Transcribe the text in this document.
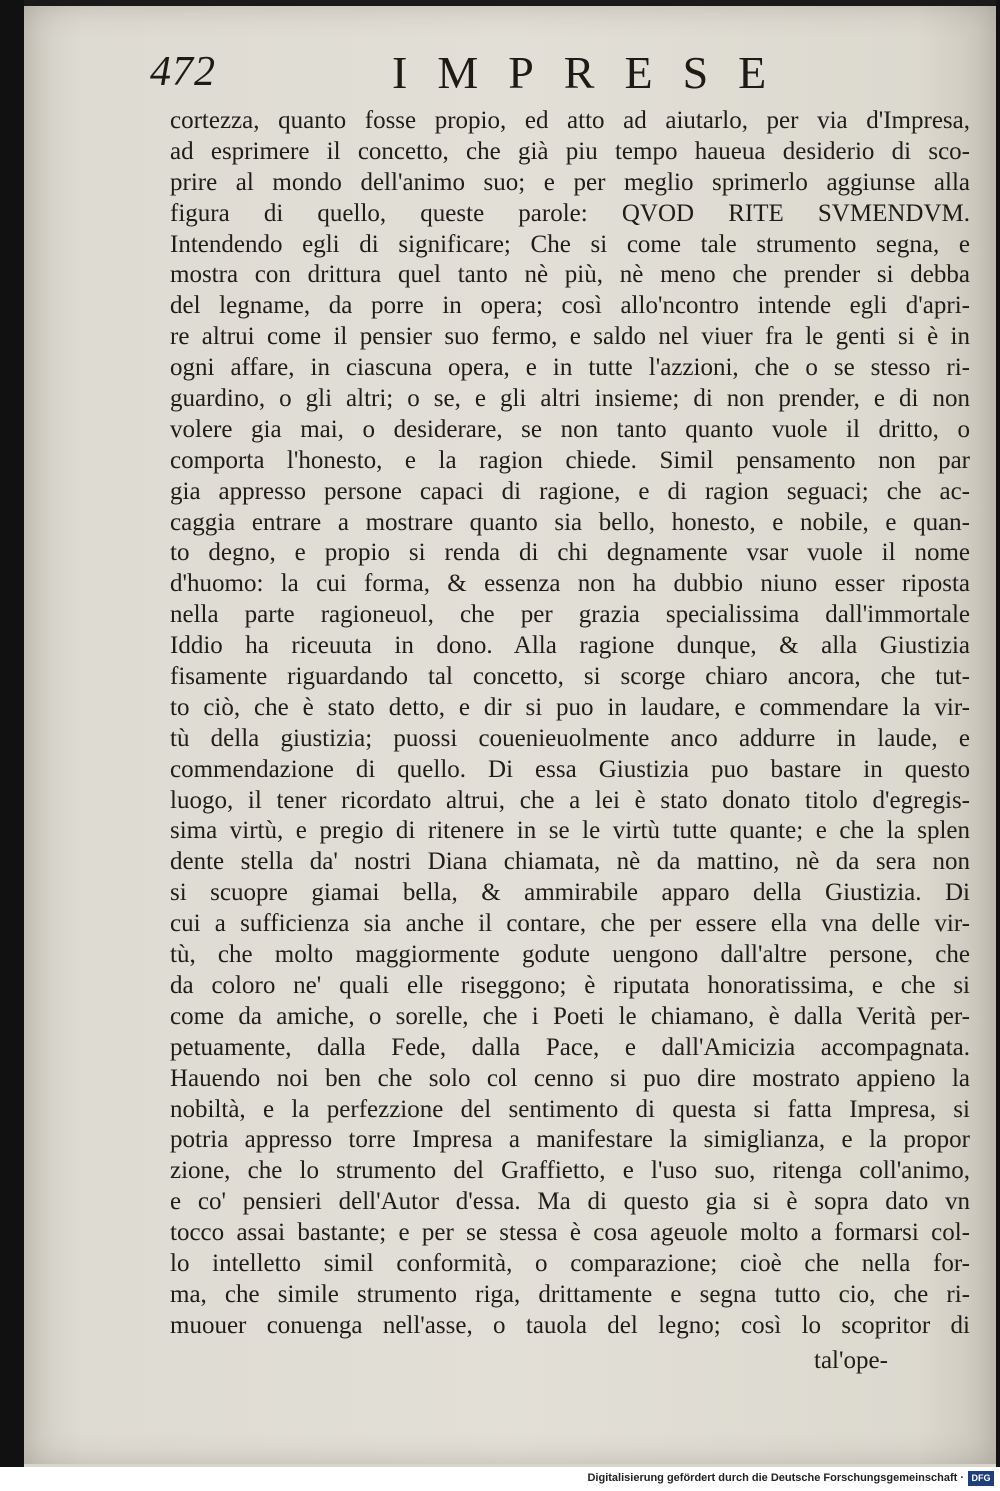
472	IMPRESE

cortezza, quanto fosse propio, ed atto ad aiutarlo, per via d'Impresa,
ad esprimere il concetto, che già piu tempo haueua desiderio di sco-
prire al mondo dell'animo suo; e per meglio sprimerlo aggiunse alla
figura di quello, queste parole: QVOD RITE SVMENDVM.
Intendendo egli di significare; Che si come tale strumento segna, e
mostra con drittura quel tanto nè più, nè meno che prender si debba
del legname, da porre in opera; così allo'ncontro intende egli d'apri-
re altrui come il pensier suo fermo, e saldo nel viuer fra le genti si è in
ogni affare, in ciascuna opera, e in tutte l'azzioni, che o se stesso ri-
guardino, o gli altri; o se, e gli altri insieme; di non prender, e di non
volere gia mai, o desiderare, se non tanto quanto vuole il dritto, o
comporta l'honesto, e la ragion chiede. Simil pensamento non par
gia appresso persone capaci di ragione, e di ragion seguaci; che ac-
caggia entrare a mostrare quanto sia bello, honesto, e nobile, e quan-
to degno, e propio si renda di chi degnamente vsar vuole il nome
d'huomo: la cui forma, & essenza non ha dubbio niuno esser riposta
nella parte ragioneuol, che per grazia specialissima dall'immortale
Iddio ha riceuuta in dono. Alla ragione dunque, & alla Giustizia
fisamente riguardando tal concetto, si scorge chiaro ancora, che tut-
to ciò, che è stato detto, e dir si puo in laudare, e commendare la vir-
tù della giustizia; puossi couenieuolmente anco addurre in laude, e
commendazione di quello. Di essa Giustizia puo bastare in questo
luogo, il tener ricordato altrui, che a lei è stato donato titolo d'egregis-
sima virtù, e pregio di ritenere in se le virtù tutte quante; e che la splen
dente stella da' nostri Diana chiamata, nè da mattino, nè da sera non
si scuopre giamai bella, & ammirabile apparo della Giustizia. Di
cui a sufficienza sia anche il contare, che per essere ella vna delle vir-
tù, che molto maggiormente godute uengono dall'altre persone, che
da coloro ne' quali elle riseggono; è riputata honoratissima, e che si
come da amiche, o sorelle, che i Poeti le chiamano, è dalla Verità per-
petuamente, dalla Fede, dalla Pace, e dall'Amicizia accompagnata.
Hauendo noi ben che solo col cenno si puo dire mostrato appieno la
nobiltà, e la perfezzione del sentimento di questa si fatta Impresa, si
potria appresso torre Impresa a manifestare la simiglianza, e la propor
zione, che lo strumento del Graffietto, e l'uso suo, ritenga coll'animo,
e co' pensieri dell'Autor d'essa. Ma di questo gia si è sopra dato vn
tocco assai bastante; e per se stessa è cosa ageuole molto a formarsi col-
lo intelletto simil conformità, o comparazione; cioè che nella for-
ma, che simile strumento riga, drittamente e segna tutto cio, che ri-
muouer conuenga nell'asse, o tauola del legno; così lo scopritor di

tal'ope-

Digitalisierung gefördert durch die Deutsche Forschungsgemeinschaft · DFG
